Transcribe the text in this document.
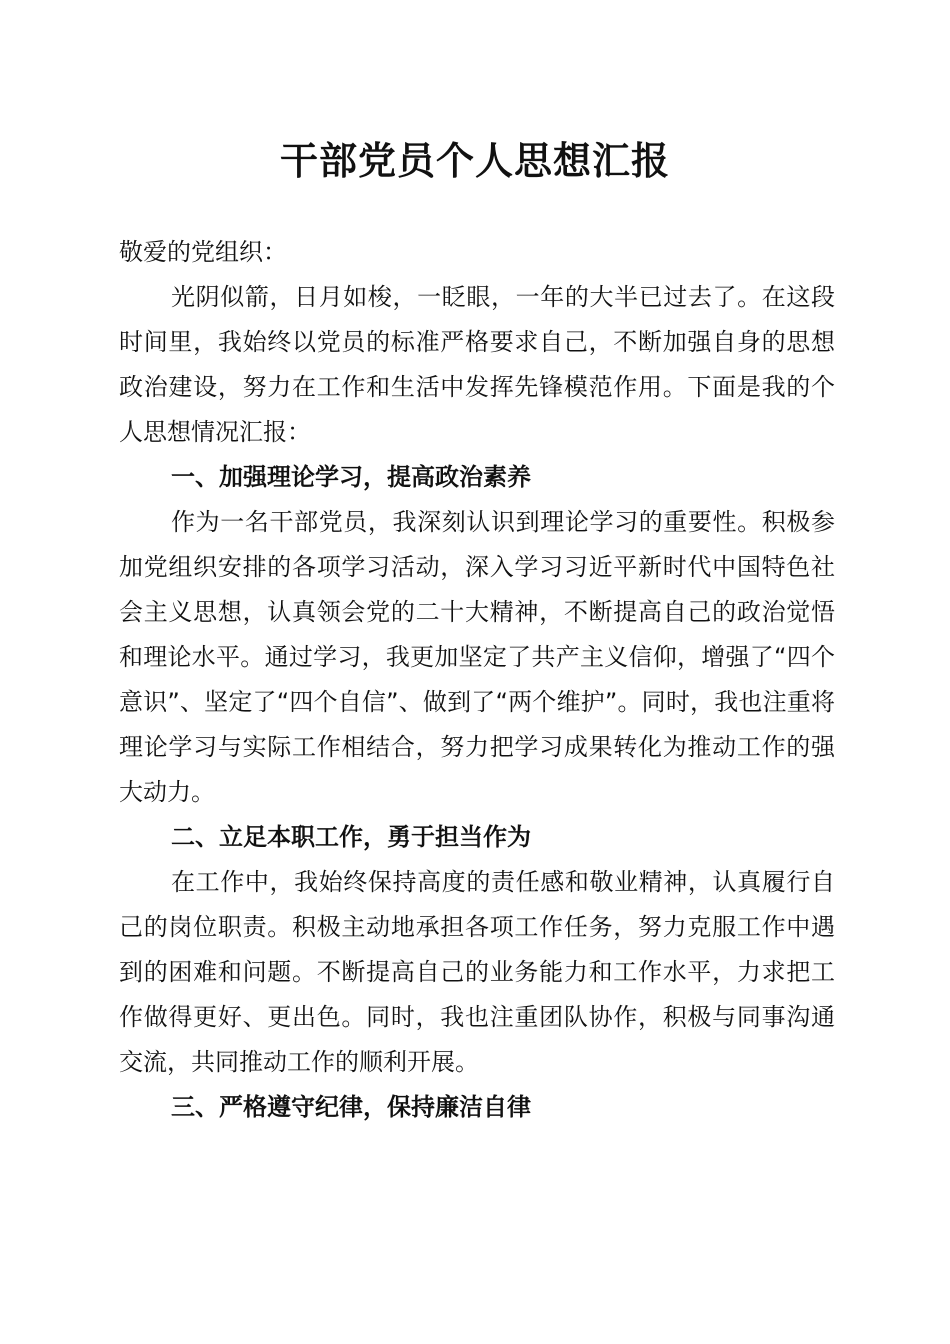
干部党员个人思想汇报

敬爱的党组织：

光阴似箭，日月如梭，一眨眼，一年的大半已过去了。在这段时间里，我始终以党员的标准严格要求自己，不断加强自身的思想政治建设，努力在工作和生活中发挥先锋模范作用。下面是我的个人思想情况汇报：

一、加强理论学习，提高政治素养

作为一名干部党员，我深刻认识到理论学习的重要性。积极参加党组织安排的各项学习活动，深入学习习近平新时代中国特色社会主义思想，认真领会党的二十大精神，不断提高自己的政治觉悟和理论水平。通过学习，我更加坚定了共产主义信仰，增强了“四个意识”、坚定了“四个自信”、做到了“两个维护”。同时，我也注重将理论学习与实际工作相结合，努力把学习成果转化为推动工作的强大动力。

二、立足本职工作，勇于担当作为

在工作中，我始终保持高度的责任感和敬业精神，认真履行自己的岗位职责。积极主动地承担各项工作任务，努力克服工作中遇到的困难和问题。不断提高自己的业务能力和工作水平，力求把工作做得更好、更出色。同时，我也注重团队协作，积极与同事沟通交流，共同推动工作的顺利开展。

三、严格遵守纪律，保持廉洁自律
